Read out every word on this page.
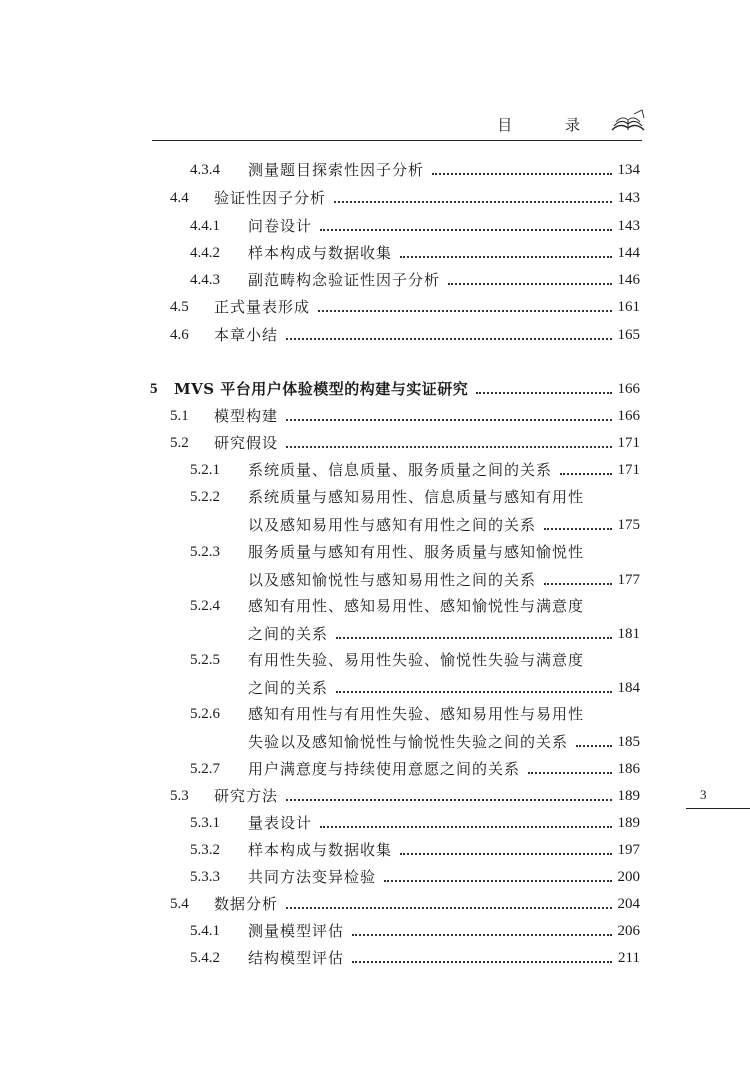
目 录
3
4.3.4	测量题目探索性因子分析	134
4.4	验证性因子分析	143
4.4.1	问卷设计	143
4.4.2	样本构成与数据收集	144
4.4.3	副范畴构念验证性因子分析	146
4.5	正式量表形成	161
4.6	本章小结	165
5	MVS 平台用户体验模型的构建与实证研究	166
5.1	模型构建	166
5.2	研究假设	171
5.2.1	系统质量、信息质量、服务质量之间的关系	171
5.2.2	系统质量与感知易用性、信息质量与感知有用性
以及感知易用性与感知有用性之间的关系	175
5.2.3	服务质量与感知有用性、服务质量与感知愉悦性
以及感知愉悦性与感知易用性之间的关系	177
5.2.4	感知有用性、感知易用性、感知愉悦性与满意度
之间的关系	181
5.2.5	有用性失验、易用性失验、愉悦性失验与满意度
之间的关系	184
5.2.6	感知有用性与有用性失验、感知易用性与易用性
失验以及感知愉悦性与愉悦性失验之间的关系	185
5.2.7	用户满意度与持续使用意愿之间的关系	186
5.3	研究方法	189
5.3.1	量表设计	189
5.3.2	样本构成与数据收集	197
5.3.3	共同方法变异检验	200
5.4	数据分析	204
5.4.1	测量模型评估	206
5.4.2	结构模型评估	211
